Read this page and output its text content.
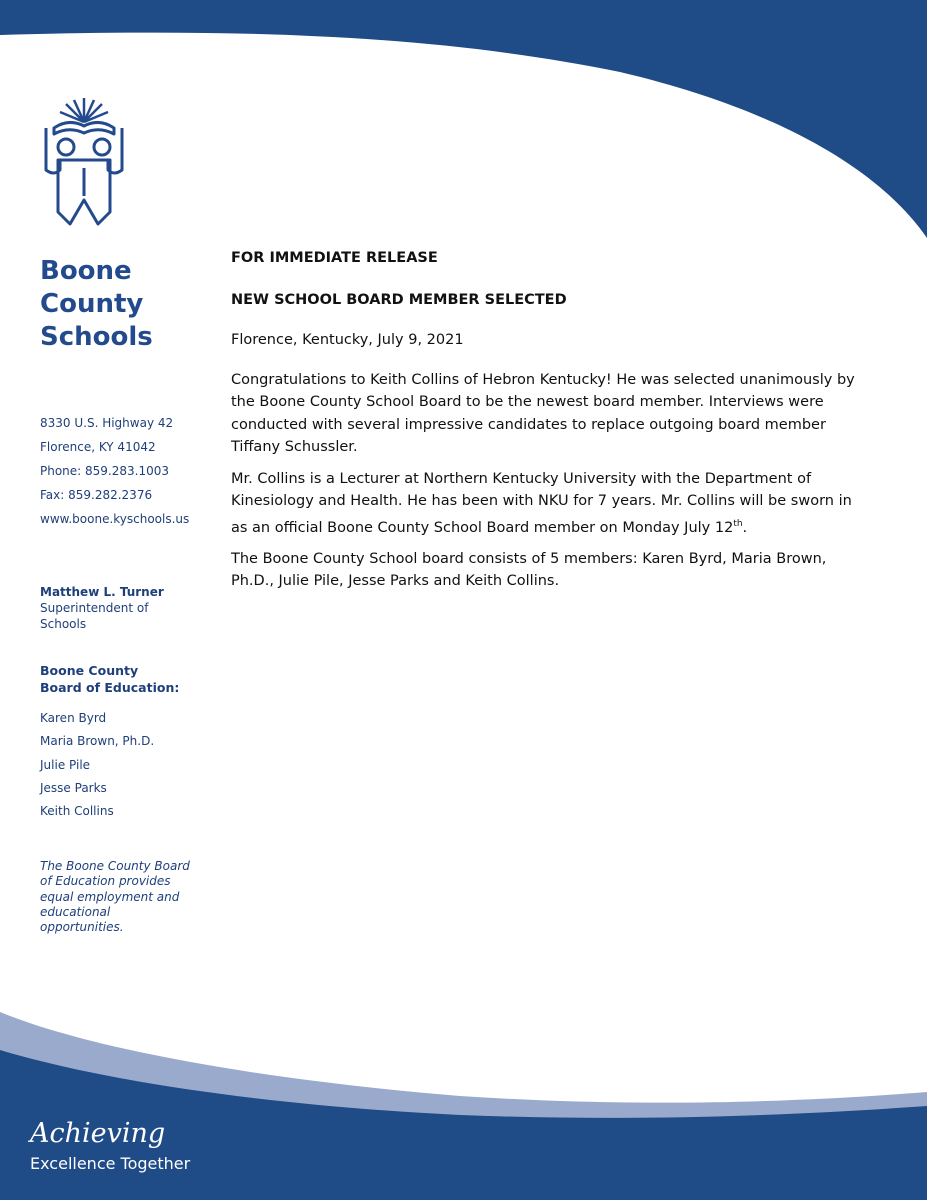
Boone
County
Schools
8330 U.S. Highway 42
Florence, KY 41042
Phone: 859.283.1003
Fax: 859.282.2376
www.boone.kyschools.us
Matthew L. Turner
Superintendent of
Schools
Boone County
Board of Education:
Karen Byrd
Maria Brown, Ph.D.
Julie Pile
Jesse Parks
Keith Collins
The Boone County Board of Education provides equal employment and educational opportunities.
FOR IMMEDIATE RELEASE
NEW SCHOOL BOARD MEMBER SELECTED

Florence, Kentucky, July 9, 2021

Congratulations to Keith Collins of Hebron Kentucky! He was selected unanimously by the Boone County School Board to be the newest board member. Interviews were conducted with several impressive candidates to replace outgoing board member Tiffany Schussler.

Mr. Collins is a Lecturer at Northern Kentucky University with the Department of Kinesiology and Health. He has been with NKU for 7 years. Mr. Collins will be sworn in as an official Boone County School Board member on Monday July 12th.

The Boone County School board consists of 5 members: Karen Byrd, Maria Brown, Ph.D., Julie Pile, Jesse Parks and Keith Collins.

Achieving
Excellence Together
